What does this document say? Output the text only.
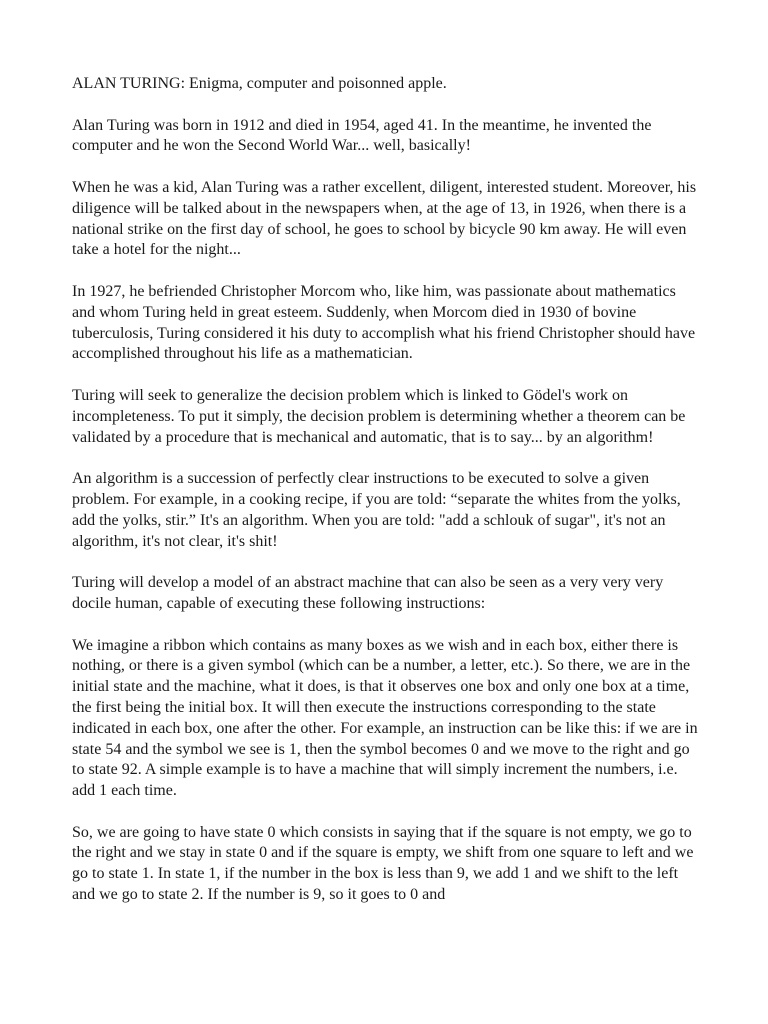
ALAN TURING: Enigma, computer and poisonned apple.

Alan Turing was born in 1912 and died in 1954, aged 41. In the meantime, he invented the computer and he won the Second World War... well, basically!

When he was a kid, Alan Turing was a rather excellent, diligent, interested student. Moreover, his diligence will be talked about in the newspapers when, at the age of 13, in 1926, when there is a national strike on the first day of school, he goes to school by bicycle 90 km away. He will even take a hotel for the night...

In 1927, he befriended Christopher Morcom who, like him, was passionate about mathematics and whom Turing held in great esteem. Suddenly, when Morcom died in 1930 of bovine tuberculosis, Turing considered it his duty to accomplish what his friend Christopher should have accomplished throughout his life as a mathematician.

Turing will seek to generalize the decision problem which is linked to Gödel's work on incompleteness. To put it simply, the decision problem is determining whether a theorem can be validated by a procedure that is mechanical and automatic, that is to say... by an algorithm!

An algorithm is a succession of perfectly clear instructions to be executed to solve a given problem. For example, in a cooking recipe, if you are told: “separate the whites from the yolks, add the yolks, stir.” It's an algorithm. When you are told: "add a schlouk of sugar", it's not an algorithm, it's not clear, it's shit!

Turing will develop a model of an abstract machine that can also be seen as a very very very docile human, capable of executing these following instructions:

We imagine a ribbon which contains as many boxes as we wish and in each box, either there is nothing, or there is a given symbol (which can be a number, a letter, etc.). So there, we are in the initial state and the machine, what it does, is that it observes one box and only one box at a time, the first being the initial box. It will then execute the instructions corresponding to the state indicated in each box, one after the other. For example, an instruction can be like this: if we are in state 54 and the symbol we see is 1, then the symbol becomes 0 and we move to the right and go to state 92. A simple example is to have a machine that will simply increment the numbers, i.e. add 1 each time.

So, we are going to have state 0 which consists in saying that if the square is not empty, we go to the right and we stay in state 0 and if the square is empty, we shift from one square to left and we go to state 1. In state 1, if the number in the box is less than 9, we add 1 and we shift to the left and we go to state 2. If the number is 9, so it goes to 0 and
